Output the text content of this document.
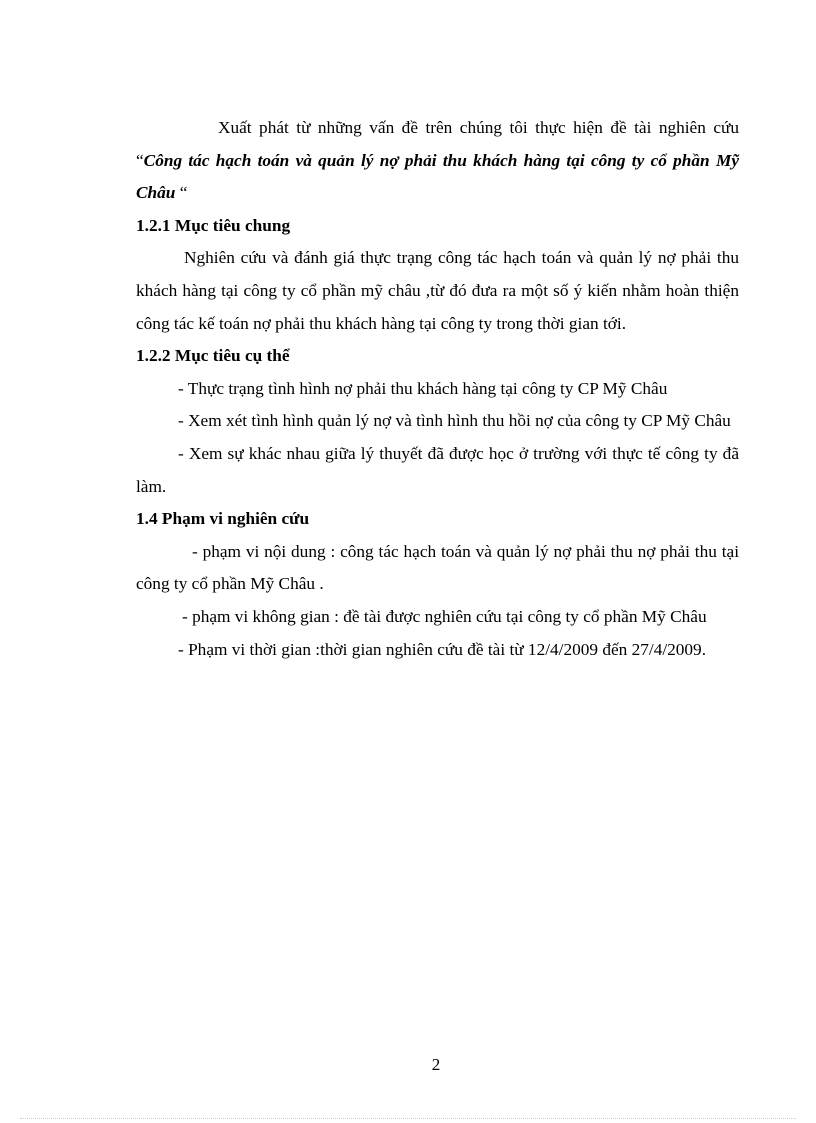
Xuất phát từ những vấn đề trên chúng tôi thực hiện đề tài nghiên cứu “Công tác hạch toán và quản lý nợ phải thu khách hàng tại công ty cổ phần Mỹ Châu “

1.2.1 Mục tiêu chung

Nghiên cứu và đánh giá thực trạng công tác hạch toán và quản lý nợ phải thu khách hàng tại công ty cổ phần mỹ châu ,từ đó đưa ra một số ý kiến nhằm hoàn thiện công tác kế toán nợ phải thu khách hàng tại công ty trong thời gian tới.

1.2.2 Mục tiêu cụ thể

- Thực trạng tình hình nợ phải thu khách hàng tại công ty CP Mỹ Châu

- Xem xét tình hình quản lý nợ và tình hình thu hồi nợ của công ty CP Mỹ Châu

- Xem sự khác nhau giữa lý thuyết đã được học ở trường với thực tế công ty đã làm.

1.4 Phạm vi nghiên cứu

- phạm vi nội dung : công tác hạch toán và quản lý nợ phải thu nợ phải thu tại công ty cổ phần Mỹ Châu .

- phạm vi không gian : đề tài được nghiên cứu tại công ty cổ phần Mỹ Châu

- Phạm vi thời gian :thời gian nghiên cứu đề tài từ 12/4/2009 đến 27/4/2009.

2
